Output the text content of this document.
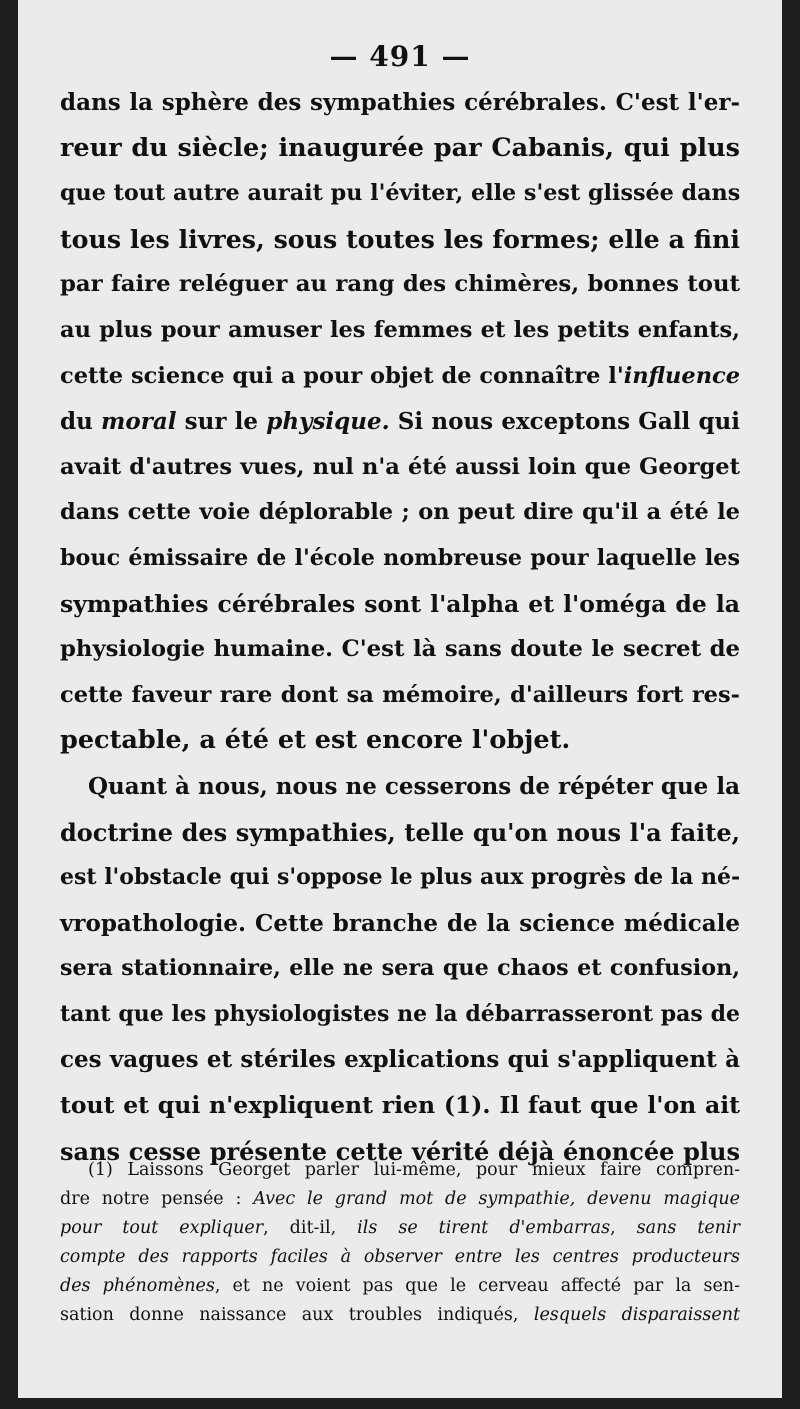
— 491 —
dans la sphère des sympathies cérébrales. C'est l'er-
reur du siècle; inaugurée par Cabanis, qui plus
que tout autre aurait pu l'éviter, elle s'est glissée dans
tous les livres, sous toutes les formes; elle a fini
par faire reléguer au rang des chimères, bonnes tout
au plus pour amuser les femmes et les petits enfants,
cette science qui a pour objet de connaître l'influence
du moral sur le physique. Si nous exceptons Gall qui
avait d'autres vues, nul n'a été aussi loin que Georget
dans cette voie déplorable ; on peut dire qu'il a été le
bouc émissaire de l'école nombreuse pour laquelle les
sympathies cérébrales sont l'alpha et l'oméga de la
physiologie humaine. C'est là sans doute le secret de
cette faveur rare dont sa mémoire, d'ailleurs fort res-
pectable, a été et est encore l'objet.
Quant à nous, nous ne cesserons de répéter que la
doctrine des sympathies, telle qu'on nous l'a faite,
est l'obstacle qui s'oppose le plus aux progrès de la né-
vropathologie. Cette branche de la science médicale
sera stationnaire, elle ne sera que chaos et confusion,
tant que les physiologistes ne la débarrasseront pas de
ces vagues et stériles explications qui s'appliquent à
tout et qui n'expliquent rien (1). Il faut que l'on ait
sans cesse présente cette vérité déjà énoncée plus
(1) Laissons Georget parler lui-même, pour mieux faire compren-
dre notre pensée : Avec le grand mot de sympathie, devenu magique
pour tout expliquer, dit-il, ils se tirent d'embarras, sans tenir
compte des rapports faciles à observer entre les centres producteurs
des phénomènes, et ne voient pas que le cerveau affecté par la sen-
sation donne naissance aux troubles indiqués, lesquels disparaissent
